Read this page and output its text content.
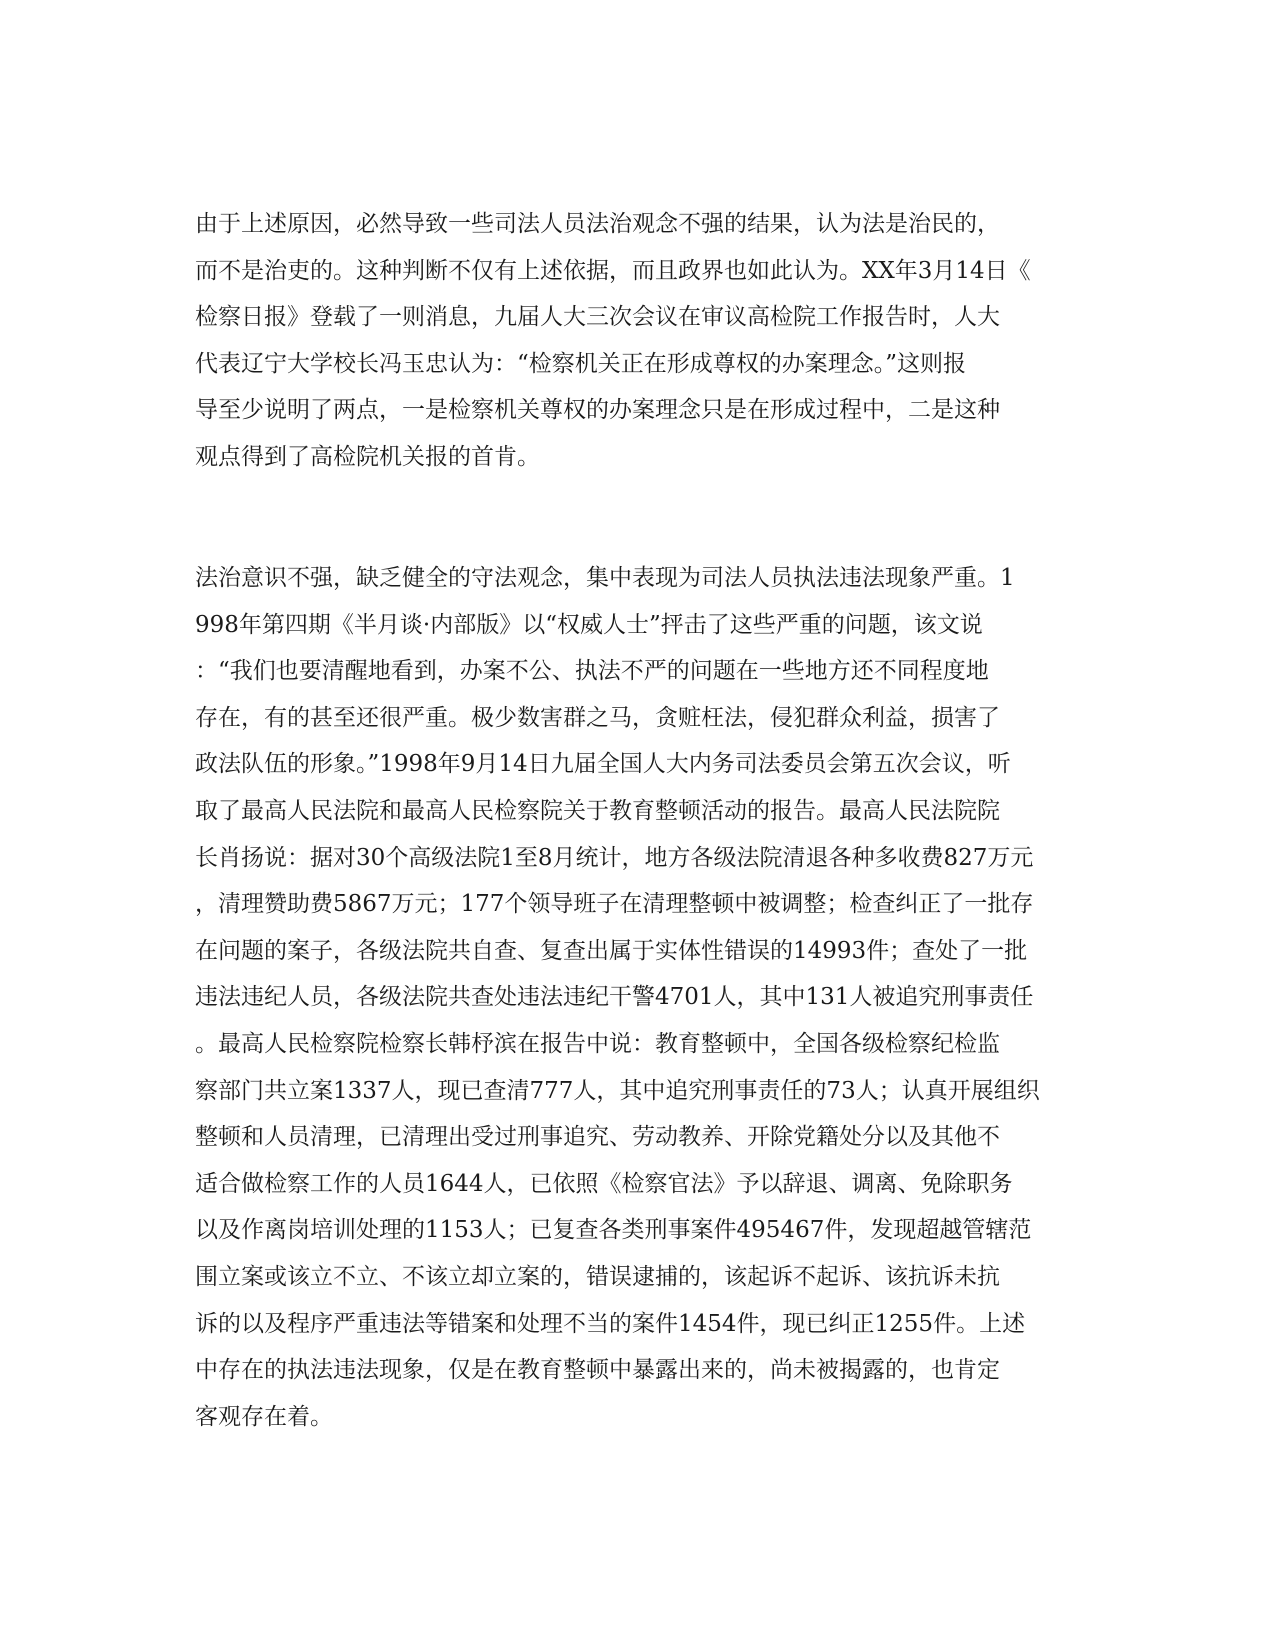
由于上述原因，必然导致一些司法人员法治观念不强的结果，认为法是治民的，
而不是治吏的。这种判断不仅有上述依据，而且政界也如此认为。XX年3月14日《
检察日报》登载了一则消息，九届人大三次会议在审议高检院工作报告时，人大
代表辽宁大学校长冯玉忠认为：“检察机关正在形成尊权的办案理念。”这则报
导至少说明了两点，一是检察机关尊权的办案理念只是在形成过程中，二是这种
观点得到了高检院机关报的首肯。
法治意识不强，缺乏健全的守法观念，集中表现为司法人员执法违法现象严重。1
998年第四期《半月谈·内部版》以“权威人士”抨击了这些严重的问题，该文说
：“我们也要清醒地看到，办案不公、执法不严的问题在一些地方还不同程度地
存在，有的甚至还很严重。极少数害群之马，贪赃枉法，侵犯群众利益，损害了
政法队伍的形象。”1998年9月14日九届全国人大内务司法委员会第五次会议，听
取了最高人民法院和最高人民检察院关于教育整顿活动的报告。最高人民法院院
长肖扬说：据对30个高级法院1至8月统计，地方各级法院清退各种多收费827万元
，清理赞助费5867万元；177个领导班子在清理整顿中被调整；检查纠正了一批存
在问题的案子，各级法院共自查、复查出属于实体性错误的14993件；查处了一批
违法违纪人员，各级法院共查处违法违纪干警4701人，其中131人被追究刑事责任
。最高人民检察院检察长韩杼滨在报告中说：教育整顿中，全国各级检察纪检监
察部门共立案1337人，现已查清777人，其中追究刑事责任的73人；认真开展组织
整顿和人员清理，已清理出受过刑事追究、劳动教养、开除党籍处分以及其他不
适合做检察工作的人员1644人，已依照《检察官法》予以辞退、调离、免除职务
以及作离岗培训处理的1153人；已复查各类刑事案件495467件，发现超越管辖范
围立案或该立不立、不该立却立案的，错误逮捕的，该起诉不起诉、该抗诉未抗
诉的以及程序严重违法等错案和处理不当的案件1454件，现已纠正1255件。上述
中存在的执法违法现象，仅是在教育整顿中暴露出来的，尚未被揭露的，也肯定
客观存在着。
